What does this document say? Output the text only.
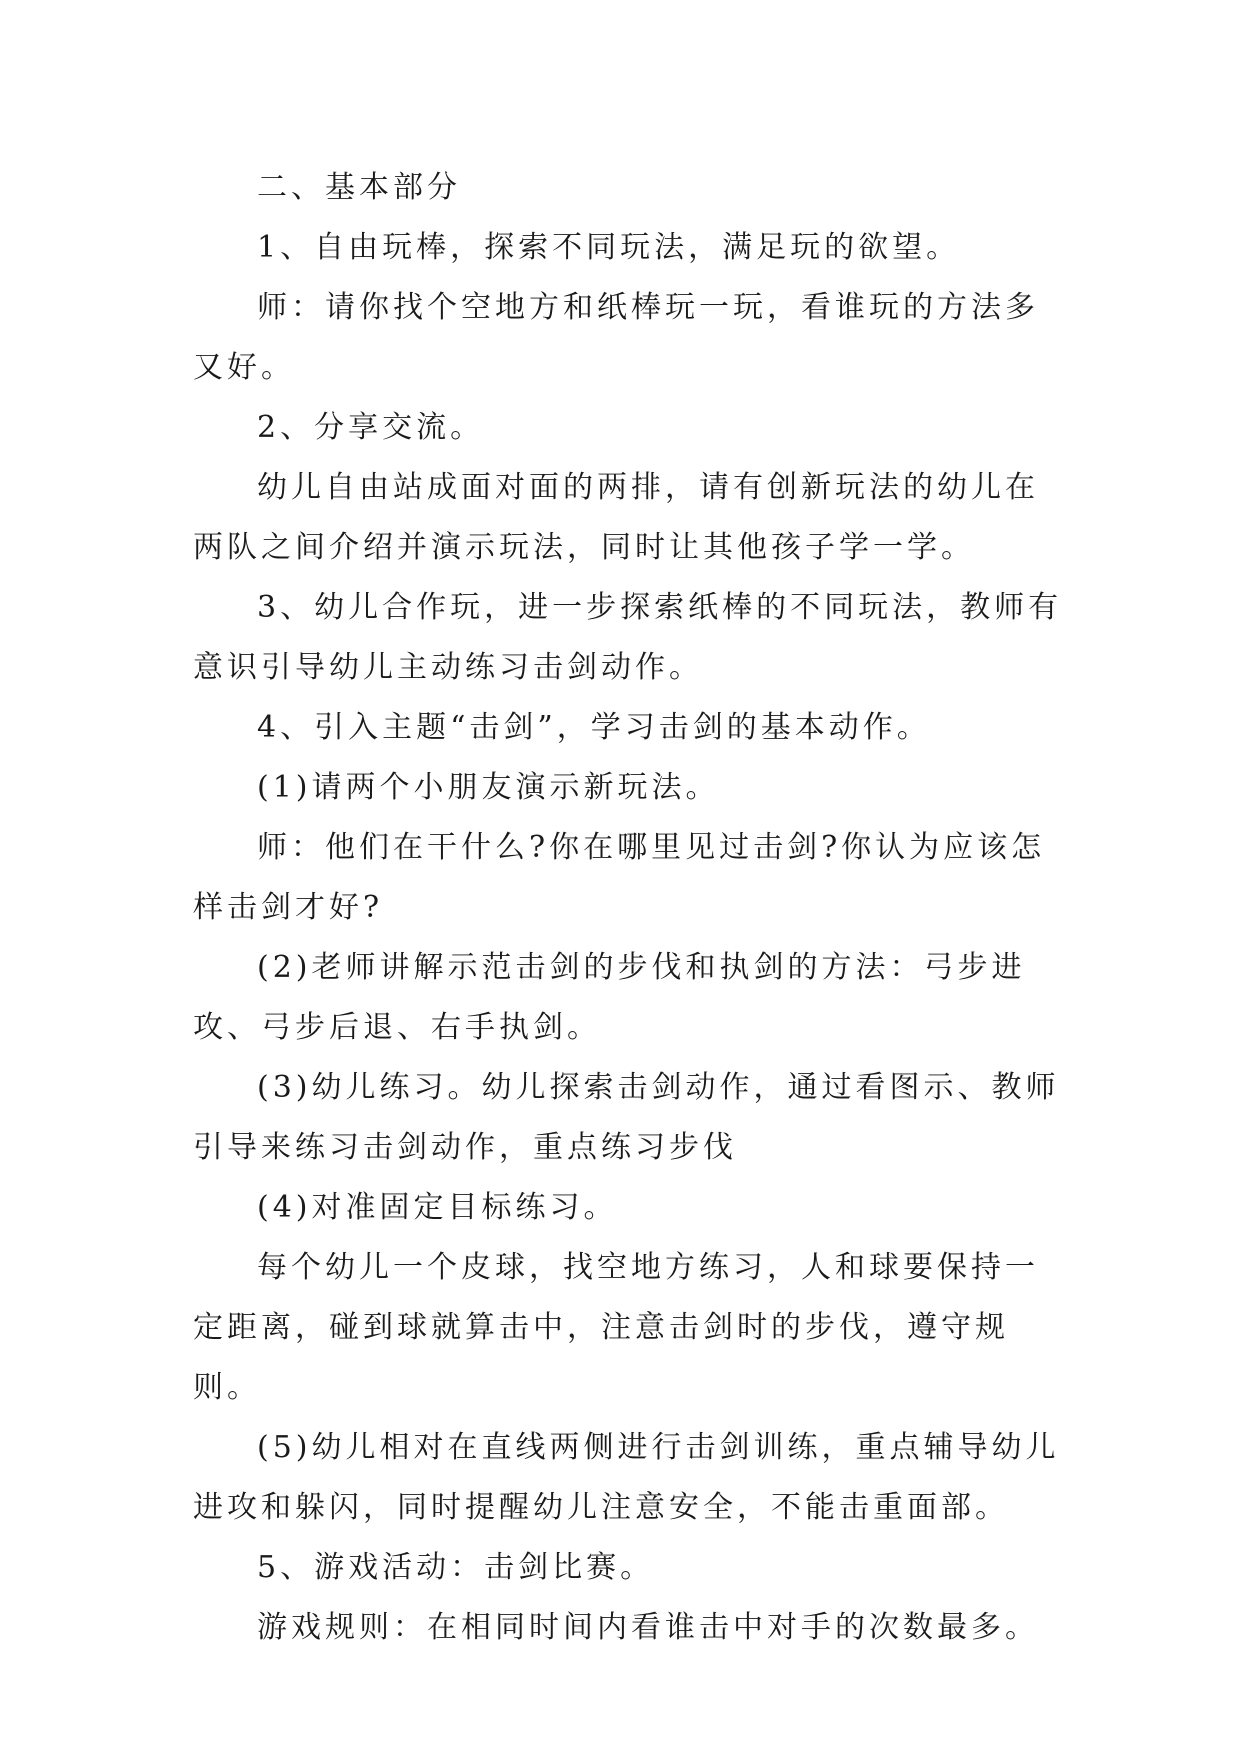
二、基本部分

1、自由玩棒，探索不同玩法，满足玩的欲望。

师：请你找个空地方和纸棒玩一玩，看谁玩的方法多又好。

2、分享交流。

幼儿自由站成面对面的两排，请有创新玩法的幼儿在两队之间介绍并演示玩法，同时让其他孩子学一学。

3、幼儿合作玩，进一步探索纸棒的不同玩法，教师有意识引导幼儿主动练习击剑动作。

4、引入主题“击剑”，学习击剑的基本动作。

(1)请两个小朋友演示新玩法。

师：他们在干什么?你在哪里见过击剑?你认为应该怎样击剑才好?

(2)老师讲解示范击剑的步伐和执剑的方法：弓步进攻、弓步后退、右手执剑。

(3)幼儿练习。幼儿探索击剑动作，通过看图示、教师引导来练习击剑动作，重点练习步伐

(4)对准固定目标练习。

每个幼儿一个皮球，找空地方练习，人和球要保持一定距离，碰到球就算击中，注意击剑时的步伐，遵守规则。

(5)幼儿相对在直线两侧进行击剑训练，重点辅导幼儿进攻和躲闪，同时提醒幼儿注意安全，不能击重面部。

5、游戏活动：击剑比赛。

游戏规则：在相同时间内看谁击中对手的次数最多。
